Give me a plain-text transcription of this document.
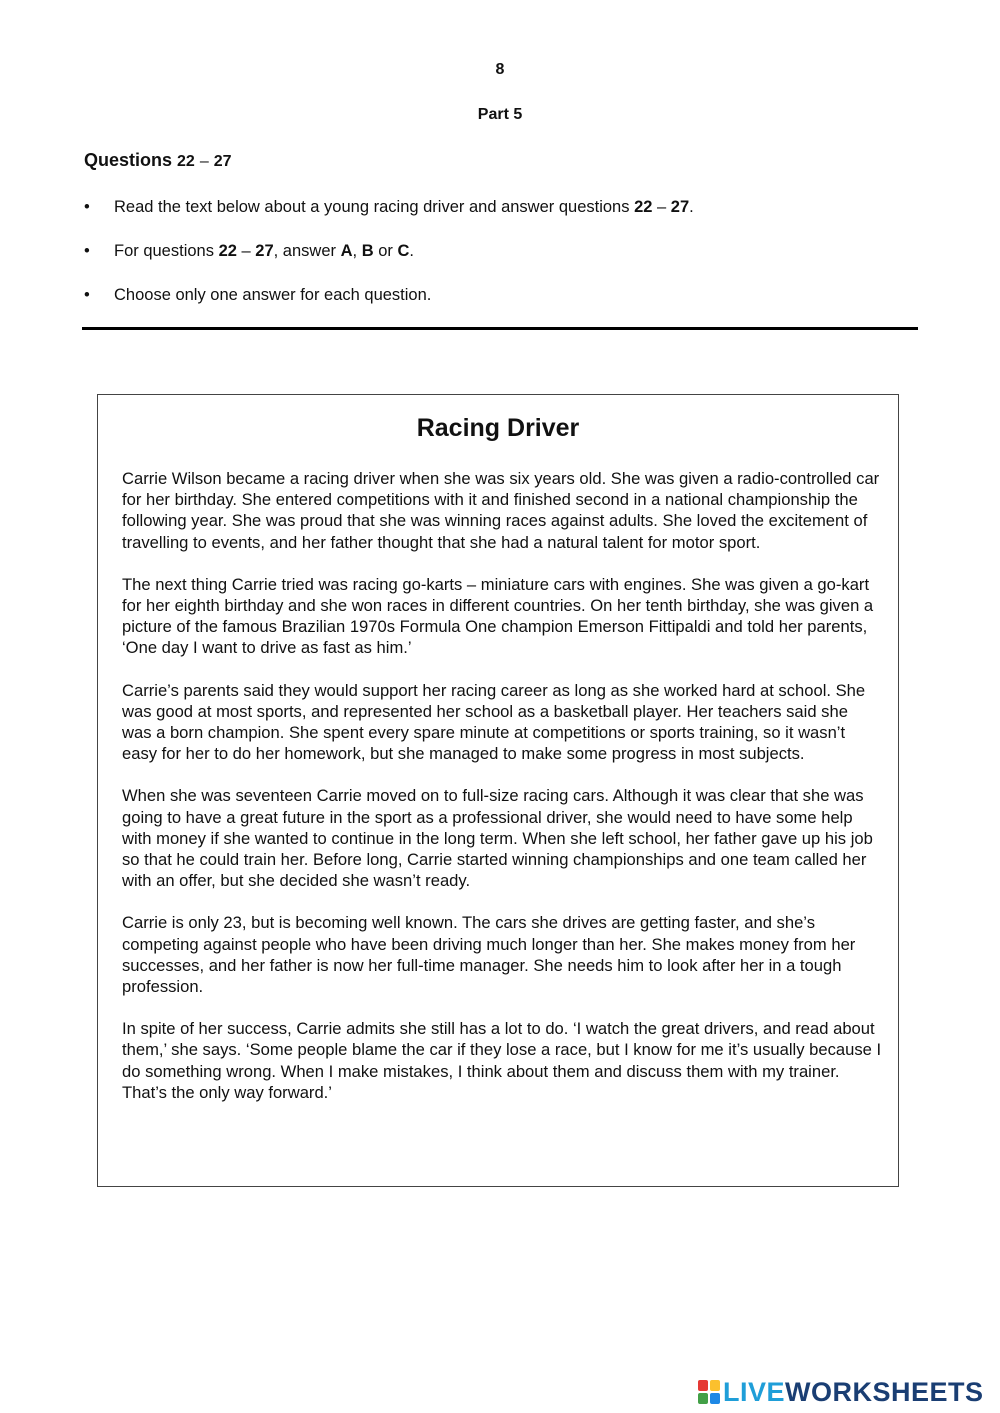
8
Part 5
Questions 22 – 27
• Read the text below about a young racing driver and answer questions 22 – 27.
• For questions 22 – 27, answer A, B or C.
• Choose only one answer for each question.
Racing Driver

Carrie Wilson became a racing driver when she was six years old. She was given a radio-controlled car for her birthday. She entered competitions with it and finished second in a national championship the following year. She was proud that she was winning races against adults. She loved the excitement of travelling to events, and her father thought that she had a natural talent for motor sport.

The next thing Carrie tried was racing go-karts – miniature cars with engines. She was given a go-kart for her eighth birthday and she won races in different countries. On her tenth birthday, she was given a picture of the famous Brazilian 1970s Formula One champion Emerson Fittipaldi and told her parents, ‘One day I want to drive as fast as him.’

Carrie’s parents said they would support her racing career as long as she worked hard at school. She was good at most sports, and represented her school as a basketball player. Her teachers said she was a born champion. She spent every spare minute at competitions or sports training, so it wasn’t easy for her to do her homework, but she managed to make some progress in most subjects.

When she was seventeen Carrie moved on to full-size racing cars. Although it was clear that she was going to have a great future in the sport as a professional driver, she would need to have some help with money if she wanted to continue in the long term. When she left school, her father gave up his job so that he could train her. Before long, Carrie started winning championships and one team called her with an offer, but she decided she wasn’t ready.

Carrie is only 23, but is becoming well known. The cars she drives are getting faster, and she’s competing against people who have been driving much longer than her. She makes money from her successes, and her father is now her full-time manager. She needs him to look after her in a tough profession.

In spite of her success, Carrie admits she still has a lot to do. ‘I watch the great drivers, and read about them,’ she says. ‘Some people blame the car if they lose a race, but I know for me it’s usually because I do something wrong. When I make mistakes, I think about them and discuss them with my trainer. That’s the only way forward.’

LIVEWORKSHEETS
